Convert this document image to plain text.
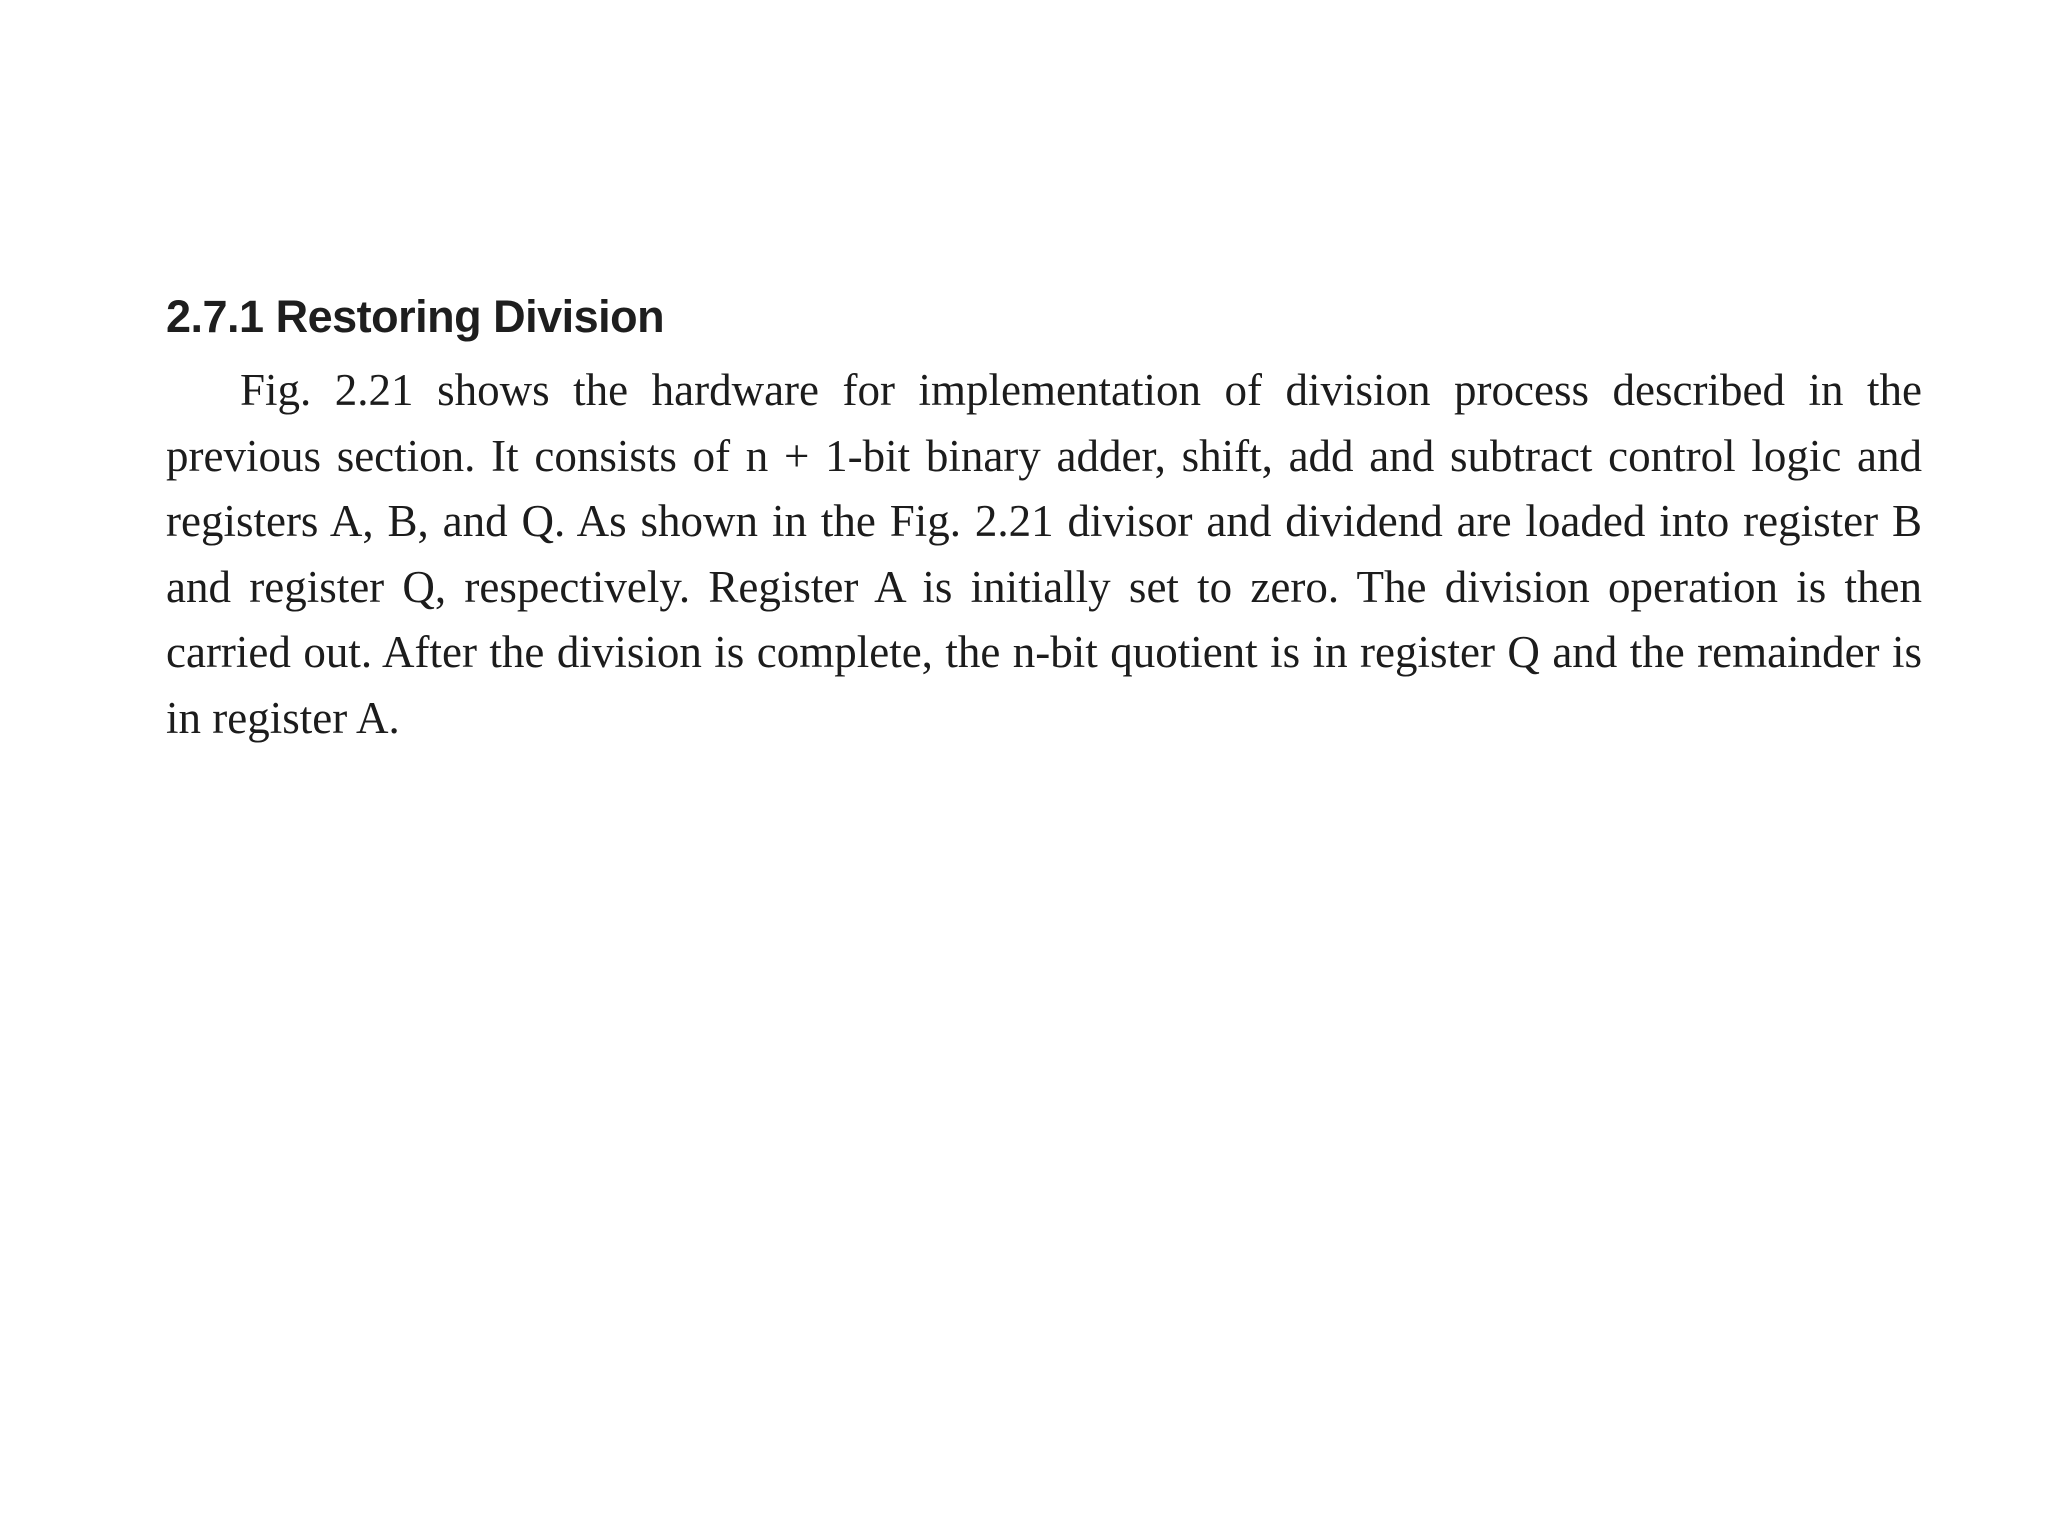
2.7.1 Restoring Division

Fig. 2.21 shows the hardware for implementation of division process described in the previous section. It consists of n + 1-bit binary adder, shift, add and subtract control logic and registers A, B, and Q. As shown in the Fig. 2.21 divisor and dividend are loaded into register B and register Q, respectively. Register A is initially set to zero. The division operation is then carried out. After the division is complete, the n-bit quotient is in register Q and the remainder is in register A.
